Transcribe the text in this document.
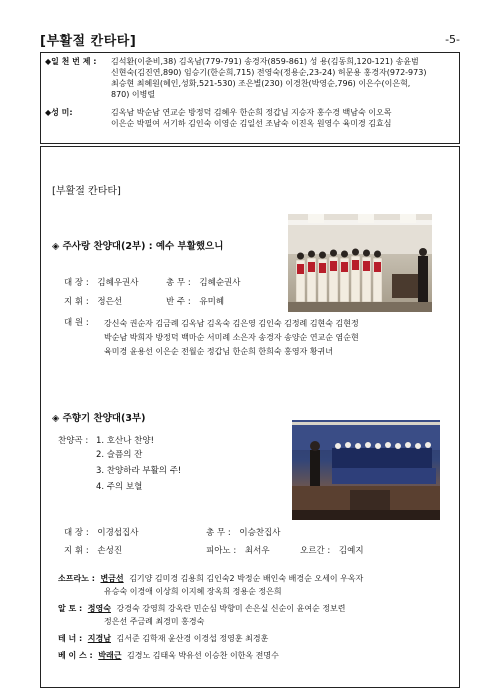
[부활절 칸타타]	-5-
◆일 천 번 제 : 김석환(이춘비,38) 김옥남(779-791) 송경자(859-861) 성 용(김동희,120-121) 송윤범
신현숙(김진연,890) 임승기(한순희,715) 전영숙(정용순,23-24) 허문용 홍경자(972-973)
최승현 최혜원(혜인,성화,521-530) 조은별(230) 이경찬(박영순,796) 이은수(이은혁,
870) 이병렬
◆성 미:	김옥남 박순남 연교순 방정덕 김혜우 한순희 정갑님 지승자 홍수경 백남숙 이오목
이은순 박필여 서기하 김인숙 이영순 김일선 조남숙 이진옥 원영수 육미경 김효심
[부활절 칸타타]
◈ 주사랑 찬양대(2부) : 예수 부활했으니
대 장 : 김혜우권사	총 무 : 김혜순권사
지 휘 : 정은선	반 주 : 유미혜
대 원 : 강신숙 권순자 김금례 김옥남 김옥숙 김은영 김인숙 김정례 김현숙 김현정
박순남 박희자 방정덕 백마순 서미례 소은자 송경자 송양순 연교순 염순현
육미경 윤용선 이은순 전월순 정갑님 한순희 한희숙 홍영자 황귀녀
◈ 주향기 찬양대(3부)
찬양곡 : 1. 호산나 찬양!
2. 슬픔의 잔
3. 찬양하라 부활의 주!
4. 주의 보혈
대 장 : 이경섭집사	총 무 : 이승찬집사
지 휘 : 손성진	피아노 : 최서우	오르간 : 김예지
소프라노 : 변금선 김기양 김미경 김용희 김인숙2 박정순 배인숙 배경순 오세이 우옥자
유승숙 이경애 이상희 이지혜 장옥희 정용순 정은희
알 토 : 정영숙 강경숙 강영희 강옥란 민순심 박향미 손은실 신순이 윤여순 정보련
정은선 주금례 최경미 홍경숙
테 너 : 지경남 김서준 김학재 윤산경 이경섭 정영훈 최경훈
베 이 스 : 박래근 김경노 김태욱 박유선 이승찬 이한옥 전명수
